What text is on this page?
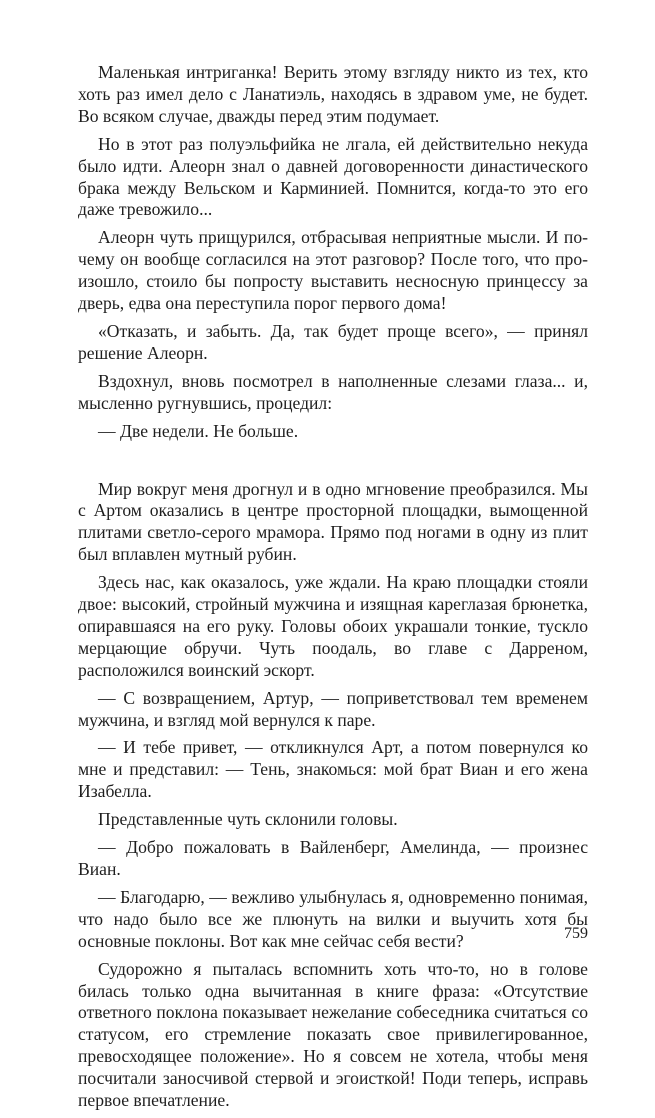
Маленькая интриганка! Верить этому взгляду никто из тех, кто хоть раз имел дело с Ланатиэль, находясь в здравом уме, не будет. Во всяком случае, дважды перед этим подумает.

Но в этот раз полуэльфийка не лгала, ей действительно некуда было идти. Алеорн знал о давней договоренности династического брака между Вельском и Карминией. Помнится, когда-то это его даже тревожило...

Алеорн чуть прищурился, отбрасывая неприятные мысли. И почему он вообще согласился на этот разговор? После того, что произошло, стоило бы попросту выставить несносную принцессу за дверь, едва она переступила порог первого дома!

«Отказать, и забыть. Да, так будет проще всего», — принял решение Алеорн.

Вздохнул, вновь посмотрел в наполненные слезами глаза... и, мысленно ругнувшись, процедил:

— Две недели. Не больше.

Мир вокруг меня дрогнул и в одно мгновение преобразился. Мы с Артом оказались в центре просторной площадки, вымощенной плитами светло-серого мрамора. Прямо под ногами в одну из плит был вплавлен мутный рубин.

Здесь нас, как оказалось, уже ждали. На краю площадки стояли двое: высокий, стройный мужчина и изящная кареглазая брюнетка, опиравшаяся на его руку. Головы обоих украшали тонкие, тускло мерцающие обручи. Чуть поодаль, во главе с Дарреном, расположился воинский эскорт.

— С возвращением, Артур, — поприветствовал тем временем мужчина, и взгляд мой вернулся к паре.

— И тебе привет, — откликнулся Арт, а потом повернулся ко мне и представил: — Тень, знакомься: мой брат Виан и его жена Изабелла.

Представленные чуть склонили головы.

— Добро пожаловать в Вайленберг, Амелинда, — произнес Виан.

— Благодарю, — вежливо улыбнулась я, одновременно понимая, что надо было все же плюнуть на вилки и выучить хотя бы основные поклоны. Вот как мне сейчас себя вести?

Судорожно я пыталась вспомнить хоть что-то, но в голове билась только одна вычитанная в книге фраза: «Отсутствие ответного поклона показывает нежелание собеседника считаться со статусом, его стремление показать свое привилегированное, превосходящее положение». Но я совсем не хотела, чтобы меня посчитали заносчивой стервой и эгоисткой! Поди теперь, исправь первое впечатление.

759
